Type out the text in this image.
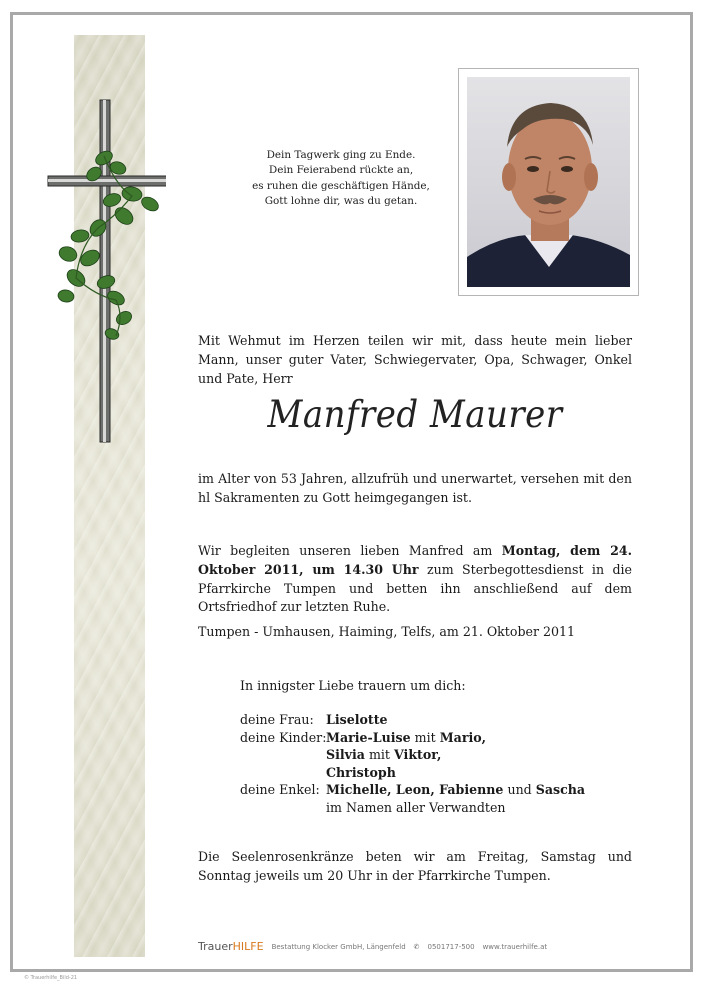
Dein Tagwerk ging zu Ende.
Dein Feierabend rückte an,
es ruhen die geschäftigen Hände,
Gott lohne dir, was du getan.
Mit Wehmut im Herzen teilen wir mit, dass heute mein lieber Mann, unser guter Vater, Schwiegervater, Opa, Schwager, Onkel und Pate, Herr
Manfred Maurer
im Alter von 53 Jahren, allzufrüh und unerwartet, versehen mit den hl Sakramenten zu Gott heimgegangen ist.
Wir begleiten unseren lieben Manfred am Montag, dem 24. Oktober 2011, um 14.30 Uhr zum Sterbegottesdienst in die Pfarrkirche Tumpen und betten ihn anschließend auf dem Ortsfriedhof zur letzten Ruhe.
Tumpen - Umhausen, Haiming, Telfs, am 21. Oktober 2011
In innigster Liebe trauern um dich:
deine Frau: Liselotte
deine Kinder: Marie-Luise mit Mario,
Silvia mit Viktor,
Christoph
deine Enkel: Michelle, Leon, Fabienne und Sascha
im Namen aller Verwandten
Die Seelenrosenkränze beten wir am Freitag, Samstag und Sonntag jeweils um 20 Uhr in der Pfarrkirche Tumpen.
TrauerHILFE Bestattung Klocker GmbH, Längenfeld ✆ 0501717-500 www.trauerhilfe.at
© Trauerhilfe_Bild-21
